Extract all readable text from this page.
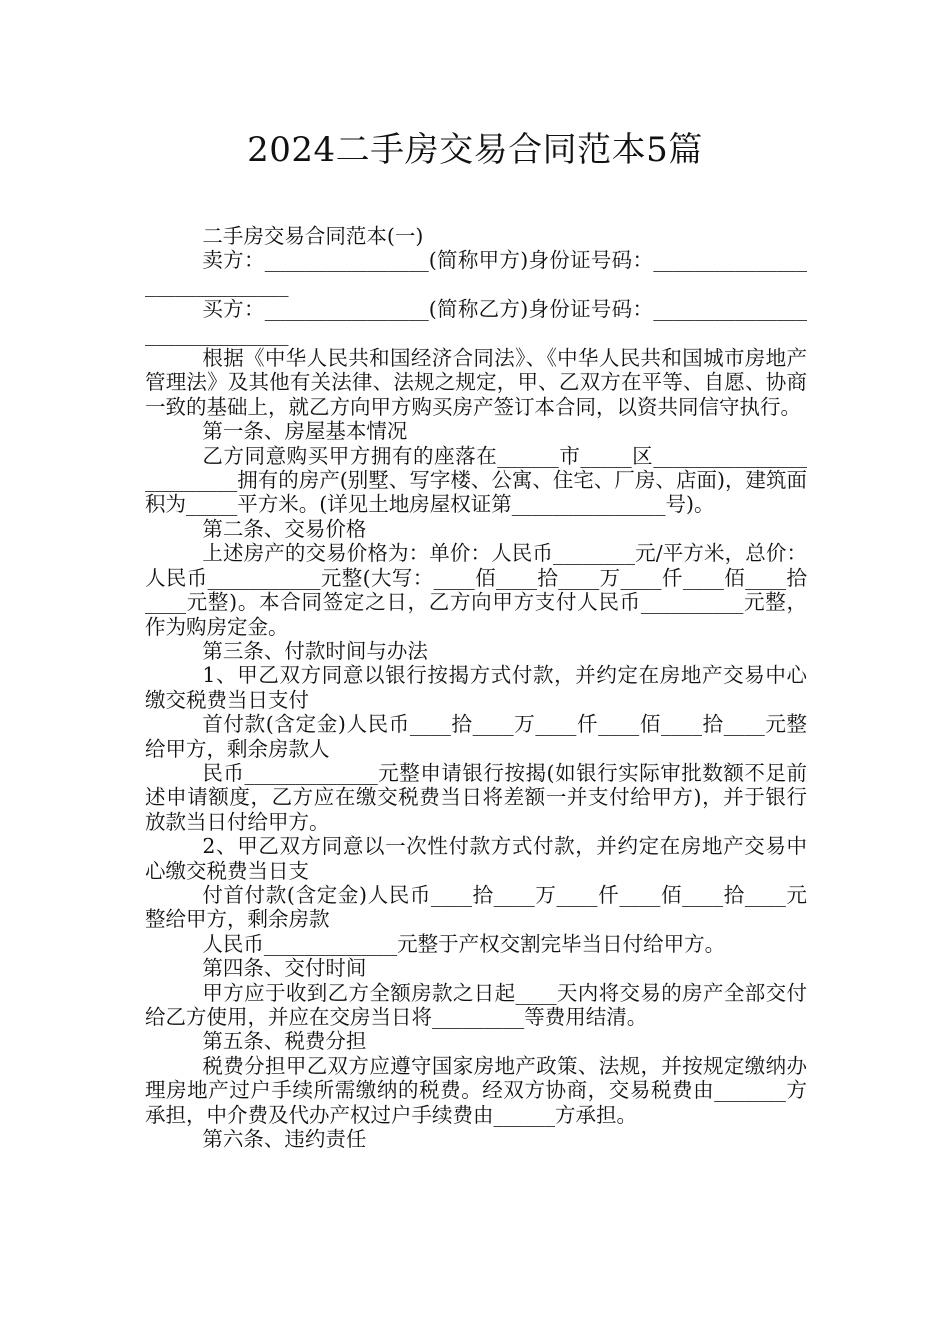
2024二手房交易合同范本5篇

二手房交易合同范本(一)

卖方：________________(简称甲方)身份证号码：_____________________________

买方：________________(简称乙方)身份证号码：_____________________________

根据《中华人民共和国经济合同法》、《中华人民共和国城市房地产管理法》及其他有关法律、法规之规定，甲、乙双方在平等、自愿、协商一致的基础上，就乙方向甲方购买房产签订本合同，以资共同信守执行。

第一条、房屋基本情况

乙方同意购买甲方拥有的座落在______市_____区________________________拥有的房产(别墅、写字楼、公寓、住宅、厂房、店面)，建筑面积为_____平方米。(详见土地房屋权证第_______________号)。

第二条、交易价格

上述房产的交易价格为：单价：人民币________元/平方米，总价：人民币___________元整(大写：____佰____拾____万____仟____佰____拾____元整)。本合同签定之日，乙方向甲方支付人民币__________元整，作为购房定金。

第三条、付款时间与办法

1、甲乙双方同意以银行按揭方式付款，并约定在房地产交易中心缴交税费当日支付

首付款(含定金)人民币____拾____万____仟____佰____拾____元整给甲方，剩余房款人

民币_____________元整申请银行按揭(如银行实际审批数额不足前述申请额度，乙方应在缴交税费当日将差额一并支付给甲方)，并于银行放款当日付给甲方。

2、甲乙双方同意以一次性付款方式付款，并约定在房地产交易中心缴交税费当日支

付首付款(含定金)人民币____拾____万____仟____佰____拾____元整给甲方，剩余房款

人民币_____________元整于产权交割完毕当日付给甲方。

第四条、交付时间

甲方应于收到乙方全额房款之日起____天内将交易的房产全部交付给乙方使用，并应在交房当日将_________等费用结清。

第五条、税费分担

税费分担甲乙双方应遵守国家房地产政策、法规，并按规定缴纳办理房地产过户手续所需缴纳的税费。经双方协商，交易税费由_______方承担，中介费及代办产权过户手续费由______方承担。

第六条、违约责任
